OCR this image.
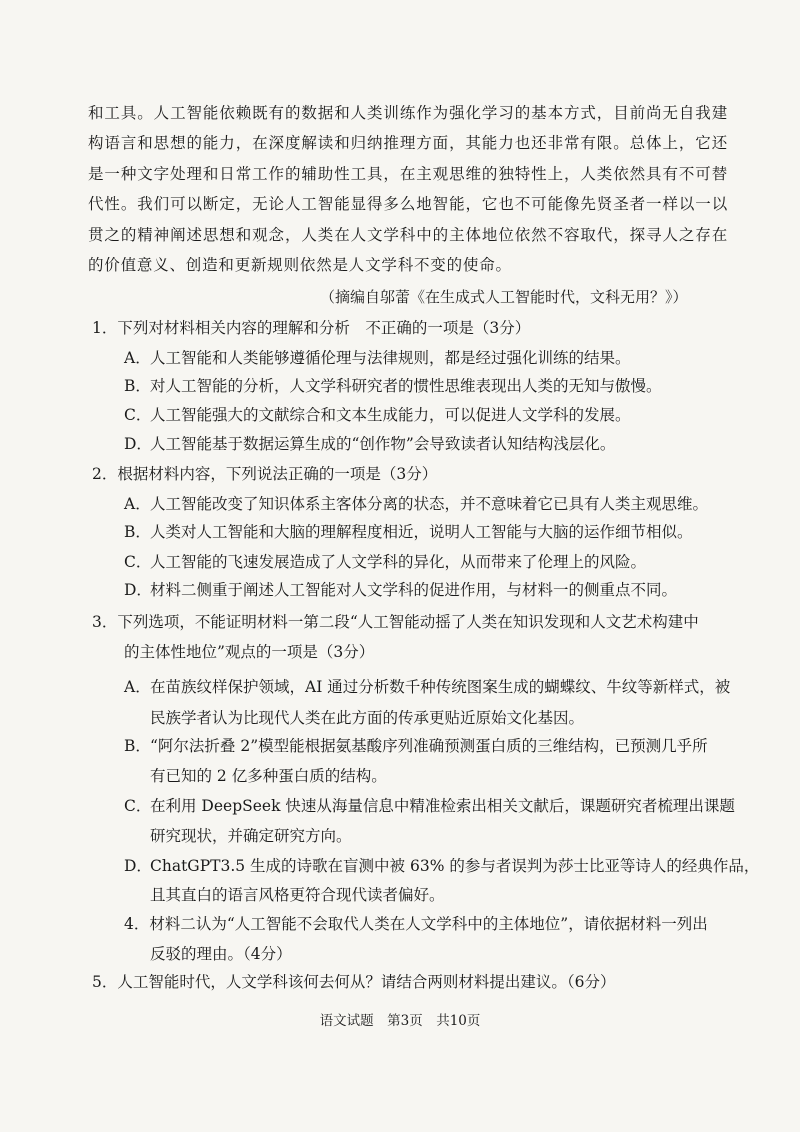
和工具。人工智能依赖既有的数据和人类训练作为强化学习的基本方式，目前尚无自我建构语言和思想的能力，在深度解读和归纳推理方面，其能力也还非常有限。总体上，它还是一种文字处理和日常工作的辅助性工具，在主观思维的独特性上，人类依然具有不可替代性。我们可以断定，无论人工智能显得多么地智能，它也不可能像先贤圣者一样以一以贯之的精神阐述思想和观念，人类在人文学科中的主体地位依然不容取代，探寻人之存在的价值意义、创造和更新规则依然是人文学科不变的使命。

（摘编自邬蕾《在生成式人工智能时代，文科无用？》）
1．下列对材料相关内容的理解和分析　不正确的一项是（3分）
A．人工智能和人类能够遵循伦理与法律规则，都是经过强化训练的结果。
B．对人工智能的分析，人文学科研究者的惯性思维表现出人类的无知与傲慢。
C．人工智能强大的文献综合和文本生成能力，可以促进人文学科的发展。
D．人工智能基于数据运算生成的“创作物”会导致读者认知结构浅层化。
2．根据材料内容，下列说法正确的一项是（3分）
A．人工智能改变了知识体系主客体分离的状态，并不意味着它已具有人类主观思维。
B．人类对人工智能和大脑的理解程度相近，说明人工智能与大脑的运作细节相似。
C．人工智能的飞速发展造成了人文学科的异化，从而带来了伦理上的风险。
D．材料二侧重于阐述人工智能对人文学科的促进作用，与材料一的侧重点不同。
3．下列选项，不能证明材料一第二段“人工智能动摇了人类在知识发现和人文艺术构建中
的主体性地位”观点的一项是（3分）
A．在苗族纹样保护领域，AI 通过分析数千种传统图案生成的蝴蝶纹、牛纹等新样式，被
民族学者认为比现代人类在此方面的传承更贴近原始文化基因。
B．“阿尔法折叠 2”模型能根据氨基酸序列准确预测蛋白质的三维结构，已预测几乎所
有已知的 2 亿多种蛋白质的结构。
C．在利用 DeepSeek 快速从海量信息中精准检索出相关文献后，课题研究者梳理出课题
研究现状，并确定研究方向。
D．ChatGPT3.5 生成的诗歌在盲测中被 63% 的参与者误判为莎士比亚等诗人的经典作品，
且其直白的语言风格更符合现代读者偏好。
4．材料二认为“人工智能不会取代人类在人文学科中的主体地位”，请依据材料一列出
反驳的理由。（4分）
5．人工智能时代，人文学科该何去何从？请结合两则材料提出建议。（6分）
语文试题　第3页　共10页
